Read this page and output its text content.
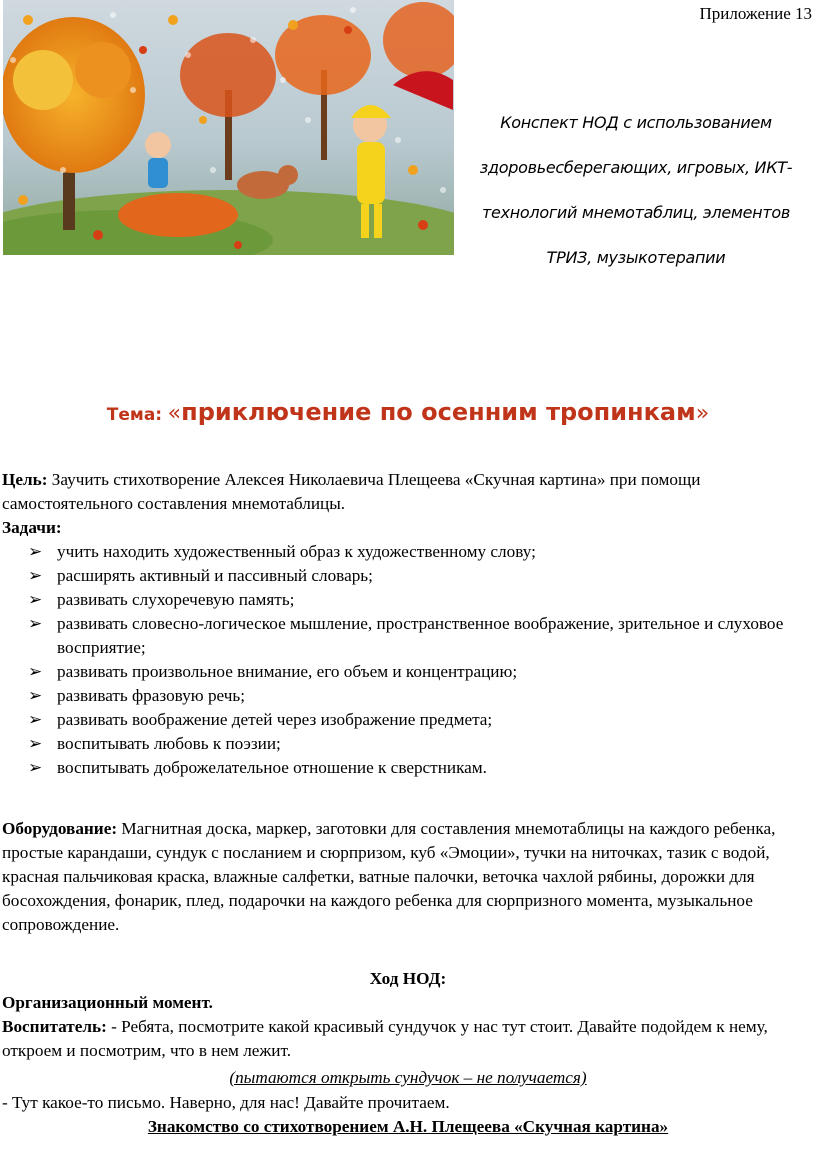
Приложение 13
Конспект НОД с использованием
здоровьесберегающих, игровых, ИКТ-
технологий мнемотаблиц, элементов
ТРИЗ, музыкотерапии
Тема: «приключение по осенним тропинкам»
Цель: Заучить стихотворение Алексея Николаевича Плещеева «Скучная картина» при помощи самостоятельного составления мнемотаблицы.
Задачи:
➢ учить находить художественный образ к художественному слову;
➢ расширять активный и пассивный словарь;
➢ развивать слухоречевую память;
➢ развивать словесно-логическое мышление, пространственное воображение, зрительное и слуховое восприятие;
➢ развивать произвольное внимание, его объем и концентрацию;
➢ развивать фразовую речь;
➢ развивать воображение детей через изображение предмета;
➢ воспитывать любовь к поэзии;
➢ воспитывать доброжелательное отношение к сверстникам.
Оборудование: Магнитная доска, маркер, заготовки для составления мнемотаблицы на каждого ребенка, простые карандаши, сундук с посланием и сюрпризом, куб «Эмоции», тучки на ниточках, тазик с водой, красная пальчиковая краска, влажные салфетки, ватные палочки, веточка чахлой рябины, дорожки для босохождения, фонарик, плед, подарочки на каждого ребенка для сюрпризного момента, музыкальное сопровождение.
Ход НОД:
Организационный момент.
Воспитатель: - Ребята, посмотрите какой красивый сундучок у нас тут стоит. Давайте подойдем к нему, откроем и посмотрим, что в нем лежит.
(пытаются открыть сундучок – не получается)
- Тут какое-то письмо. Наверно, для нас! Давайте прочитаем.
Знакомство со стихотворением А.Н. Плещеева «Скучная картина»
